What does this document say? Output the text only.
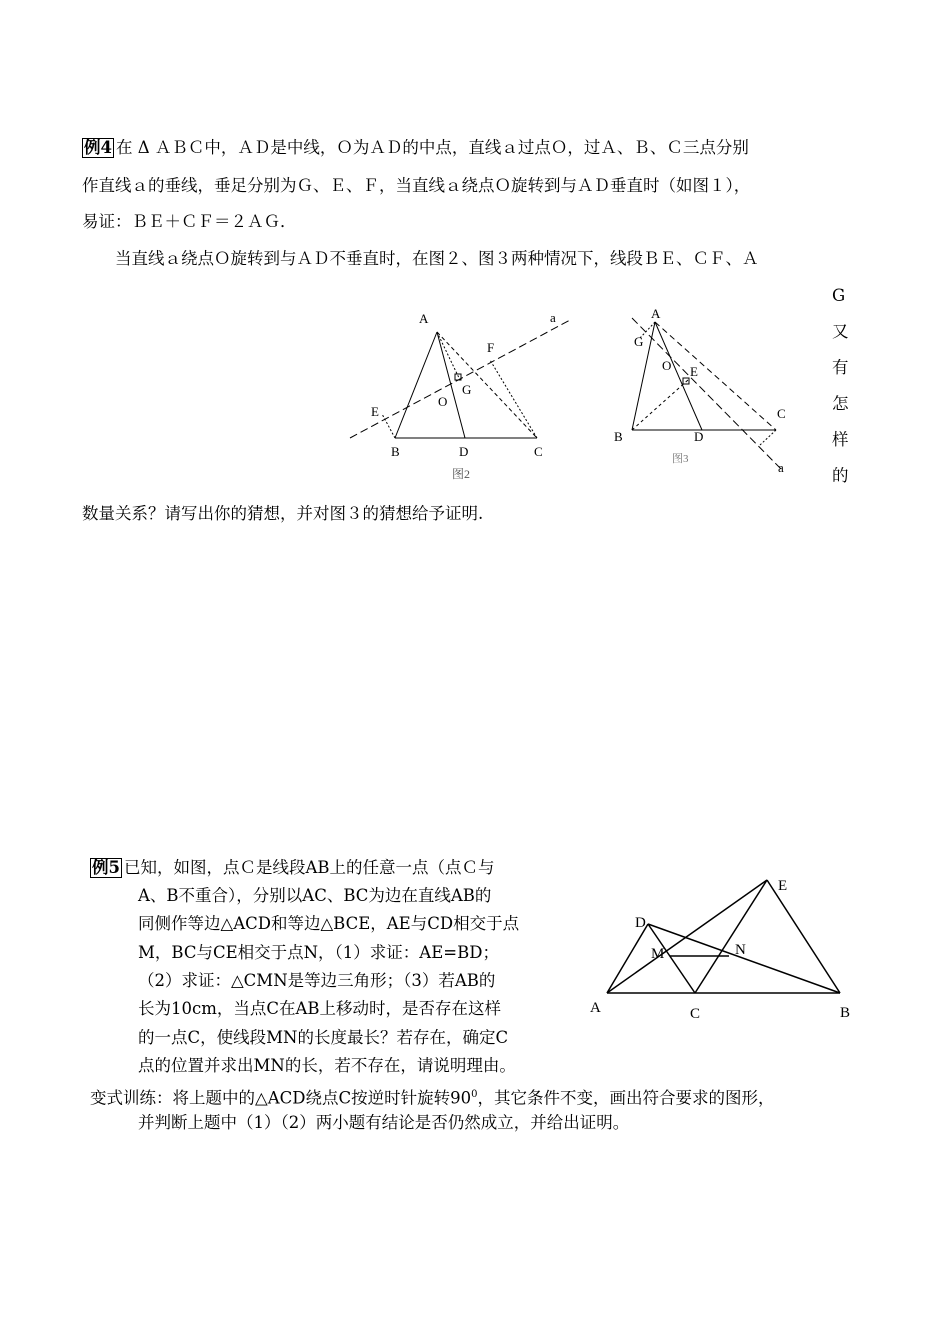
例4 在 Δ ＡＢＣ中，ＡＤ是中线，Ｏ为ＡＤ的中点，直线ａ过点Ｏ，过Ａ、Ｂ、Ｃ三点分别
作直线ａ的垂线，垂足分别为Ｇ、Ｅ、Ｆ，当直线ａ绕点Ｏ旋转到与ＡＤ垂直时（如图１），
易证：ＢＥ＋ＣＦ＝２ＡＧ．
当直线ａ绕点Ｏ旋转到与ＡＤ不垂直时，在图２、图３两种情况下，线段ＢＥ、ＣＦ、Ａ
G
又
有
怎
样
的
数量关系？请写出你的猜想，并对图３的猜想给予证明.
A	a
F
G
O
E
B	D	C
图2
A
G
O E
B	D
C
a
图3
例5 已知，如图，点Ｃ是线段AB上的任意一点（点Ｃ与
A、B不重合），分别以AC、BC为边在直线AB的
同侧作等边△ACD和等边△BCE，AE与CD相交于点
M，BC与CE相交于点N，（1）求证：AE=BD；
（2）求证：△CMN是等边三角形；（3）若AB的
长为10cm，当点C在AB上移动时，是否存在这样
的一点C，使线段MN的长度最长？若存在，确定C
点的位置并求出MN的长，若不存在，请说明理由。
A	C	B
D
E
M	N
变式训练：将上题中的△ACD绕点C按逆时针旋转$90^0$，其它条件不变，画出符合要求的图形，
并判断上题中（1）（2）两小题有结论是否仍然成立，并给出证明。
